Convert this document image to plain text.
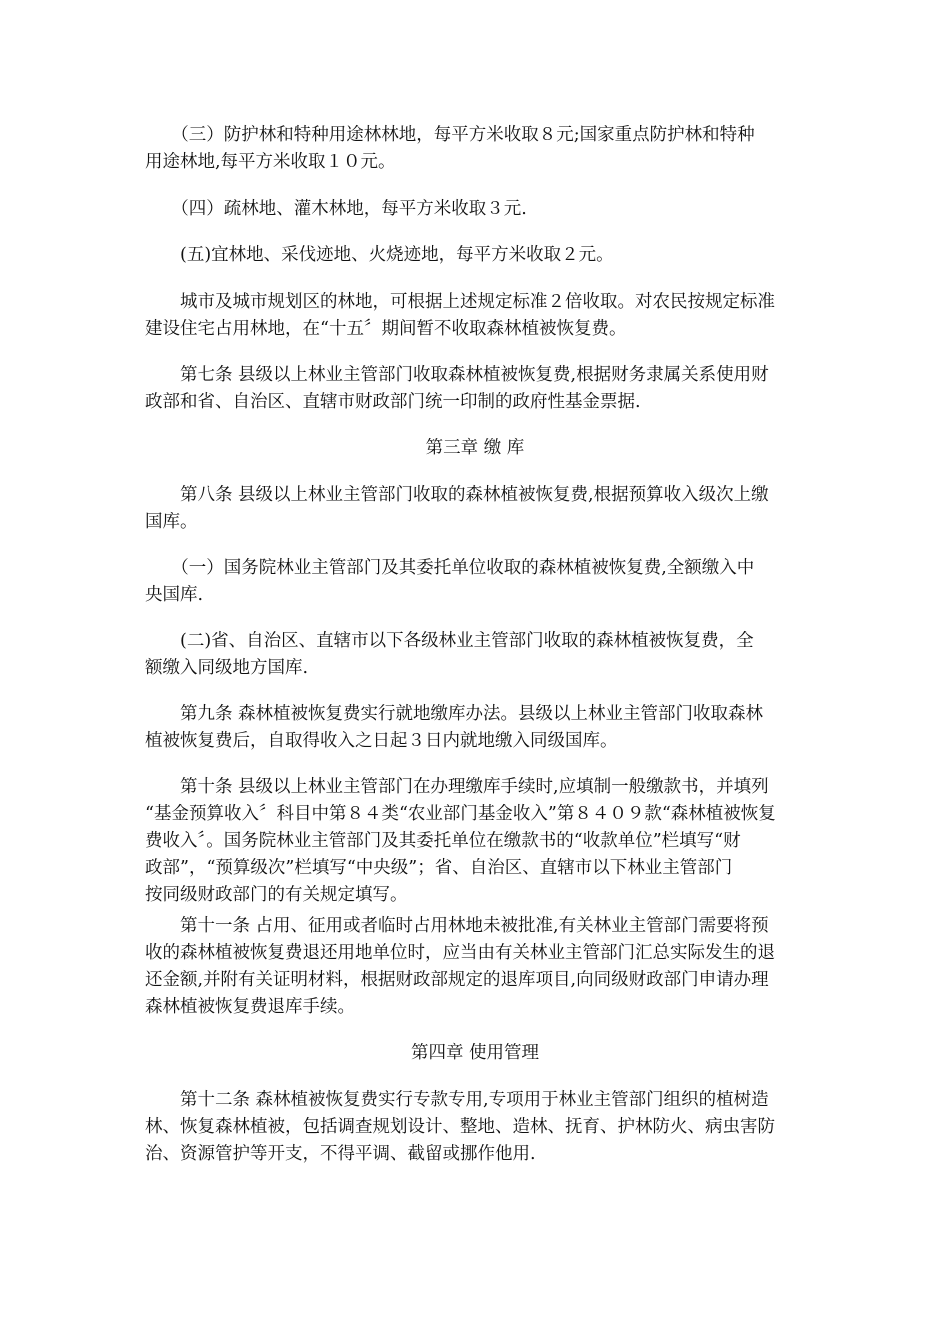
　　（三）防护林和特种用途林林地，每平方米收取８元;国家重点防护林和特种
用途林地,每平方米收取１０元。

　　（四）疏林地、灌木林地，每平方米收取３元.

　　(五)宜林地、采伐迹地、火烧迹地，每平方米收取２元。

　　城市及城市规划区的林地，可根据上述规定标准２倍收取。对农民按规定标准
建设住宅占用林地，在“十五〞期间暂不收取森林植被恢复费。

　　第七条 县级以上林业主管部门收取森林植被恢复费,根据财务隶属关系使用财
政部和省、自治区、直辖市财政部门统一印制的政府性基金票据.

第三章 缴 库

　　第八条 县级以上林业主管部门收取的森林植被恢复费,根据预算收入级次上缴
国库。

　　（一）国务院林业主管部门及其委托单位收取的森林植被恢复费,全额缴入中
央国库.

　　(二)省、自治区、直辖市以下各级林业主管部门收取的森林植被恢复费，全
额缴入同级地方国库.

　　第九条 森林植被恢复费实行就地缴库办法。县级以上林业主管部门收取森林
植被恢复费后，自取得收入之日起３日内就地缴入同级国库。

　　第十条 县级以上林业主管部门在办理缴库手续时,应填制一般缴款书，并填列
“基金预算收入〞科目中第８４类“农业部门基金收入”第８４０９款“森林植被恢复
费收入〞。国务院林业主管部门及其委托单位在缴款书的“收款单位”栏填写“财
政部”，“预算级次”栏填写“中央级”；省、自治区、直辖市以下林业主管部门
按同级财政部门的有关规定填写。

　　第十一条 占用、征用或者临时占用林地未被批准,有关林业主管部门需要将预
收的森林植被恢复费退还用地单位时，应当由有关林业主管部门汇总实际发生的退
还金额,并附有关证明材料，根据财政部规定的退库项目,向同级财政部门申请办理
森林植被恢复费退库手续。

第四章 使用管理

　　第十二条 森林植被恢复费实行专款专用,专项用于林业主管部门组织的植树造
林、恢复森林植被，包括调查规划设计、整地、造林、抚育、护林防火、病虫害防
治、资源管护等开支，不得平调、截留或挪作他用.
